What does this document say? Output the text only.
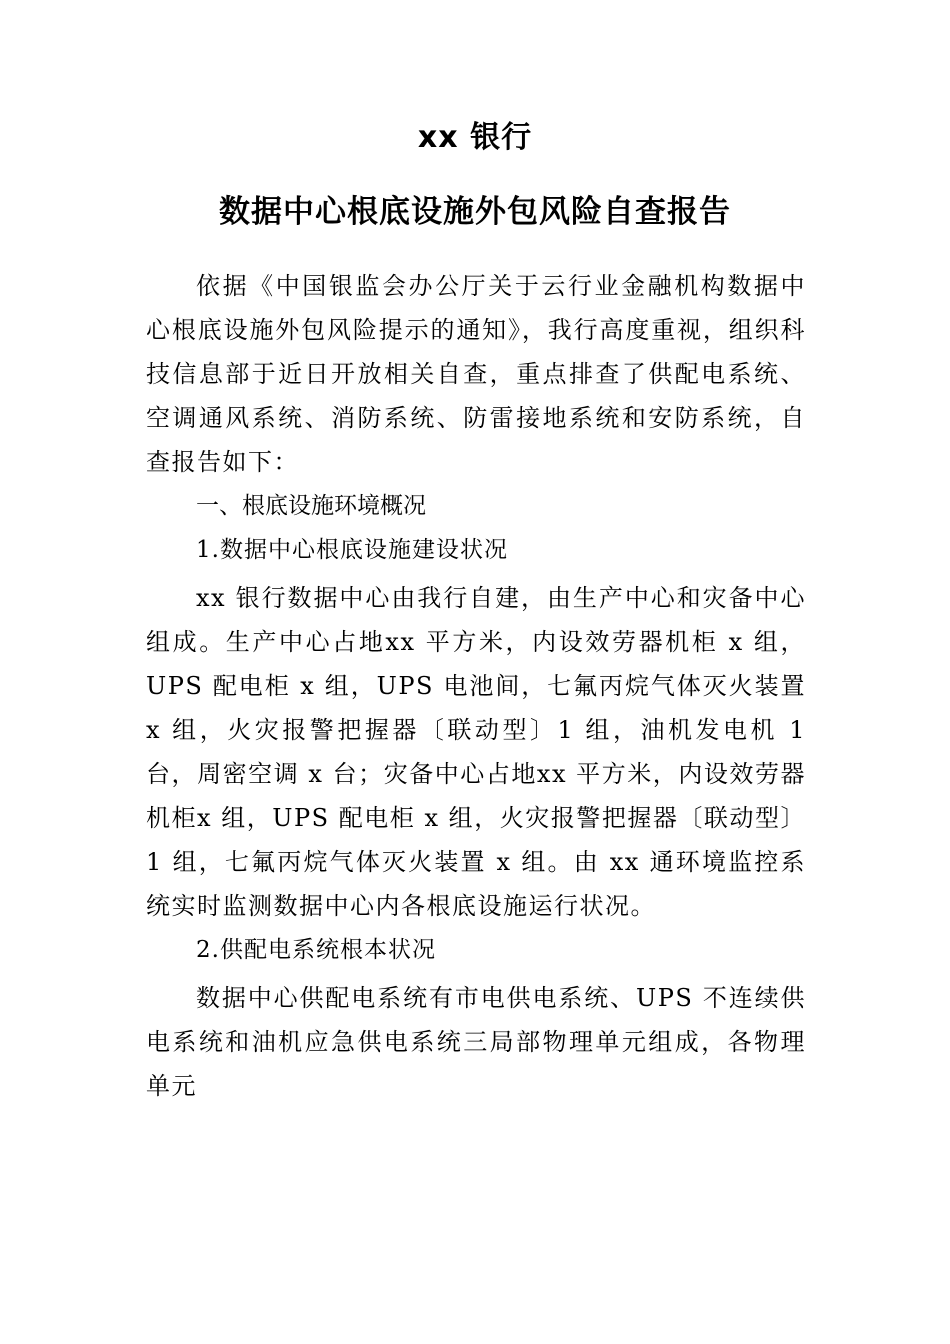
xx 银行
数据中心根底设施外包风险自查报告
依据《中国银监会办公厅关于云行业金融机构数据中心根底设施外包风险提示的通知》，我行高度重视，组织科技信息部于近日开放相关自查，重点排查了供配电系统、空调通风系统、消防系统、防雷接地系统和安防系统，自查报告如下：
一、根底设施环境概况
1.数据中心根底设施建设状况
xx 银行数据中心由我行自建，由生产中心和灾备中心组成。生产中心占地xx 平方米，内设效劳器机柜 x 组，UPS 配电柜 x 组，UPS 电池间，七氟丙烷气体灭火装置 x 组，火灾报警把握器〔联动型〕1 组，油机发电机 1 台，周密空调 x 台；灾备中心占地xx 平方米，内设效劳器机柜x 组，UPS 配电柜 x 组，火灾报警把握器〔联动型〕1 组，七氟丙烷气体灭火装置 x 组。由 xx 通环境监控系统实时监测数据中心内各根底设施运行状况。
2.供配电系统根本状况
数据中心供配电系统有市电供电系统、UPS 不连续供电系统和油机应急供电系统三局部物理单元组成，各物理单元
